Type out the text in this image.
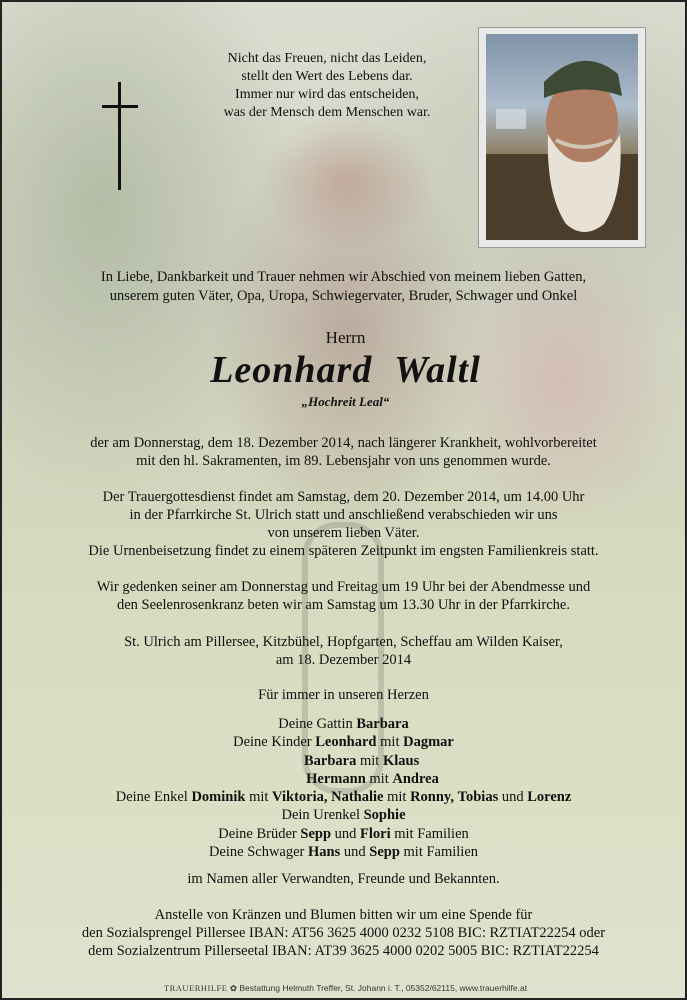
Nicht das Freuen, nicht das Leiden,
stellt den Wert des Lebens dar.
Immer nur wird das entscheiden,
was der Mensch dem Menschen war.
In Liebe, Dankbarkeit und Trauer nehmen wir Abschied von meinem lieben Gatten,
unserem guten Väter, Opa, Uropa, Schwiegervater, Bruder, Schwager und Onkel
Herrn
Leonhard Waltl
„Hochreit Leal“
der am Donnerstag, dem 18. Dezember 2014, nach längerer Krankheit, wohlvorbereitet
mit den hl. Sakramenten, im 89. Lebensjahr von uns genommen wurde.
Der Trauergottesdienst findet am Samstag, dem 20. Dezember 2014, um 14.00 Uhr
in der Pfarrkirche St. Ulrich statt und anschließend verabschieden wir uns
von unserem lieben Väter.
Die Urnenbeisetzung findet zu einem späteren Zeitpunkt im engsten Familienkreis statt.
Wir gedenken seiner am Donnerstag und Freitag um 19 Uhr bei der Abendmesse und
den Seelenrosenkranz beten wir am Samstag um 13.30 Uhr in der Pfarrkirche.
St. Ulrich am Pillersee, Kitzbühel, Hopfgarten, Scheffau am Wilden Kaiser,
am 18. Dezember 2014
Für immer in unseren Herzen
Deine Gattin Barbara
Deine Kinder Leonhard mit Dagmar
Barbara mit Klaus
Hermann mit Andrea
Deine Enkel Dominik mit Viktoria, Nathalie mit Ronny, Tobias und Lorenz
Dein Urenkel Sophie
Deine Brüder Sepp und Flori mit Familien
Deine Schwager Hans und Sepp mit Familien
im Namen aller Verwandten, Freunde und Bekannten.
Anstelle von Kränzen und Blumen bitten wir um eine Spende für
den Sozialsprengel Pillersee IBAN: AT56 3625 4000 0232 5108 BIC: RZTIAT22254 oder
dem Sozialzentrum Pillerseetal IBAN: AT39 3625 4000 0202 5005 BIC: RZTIAT22254
TRAUERHILFE ✿ Bestattung Helmuth Treffer, St. Johann i. T., 05352/62115, www.trauerhilfe.at
